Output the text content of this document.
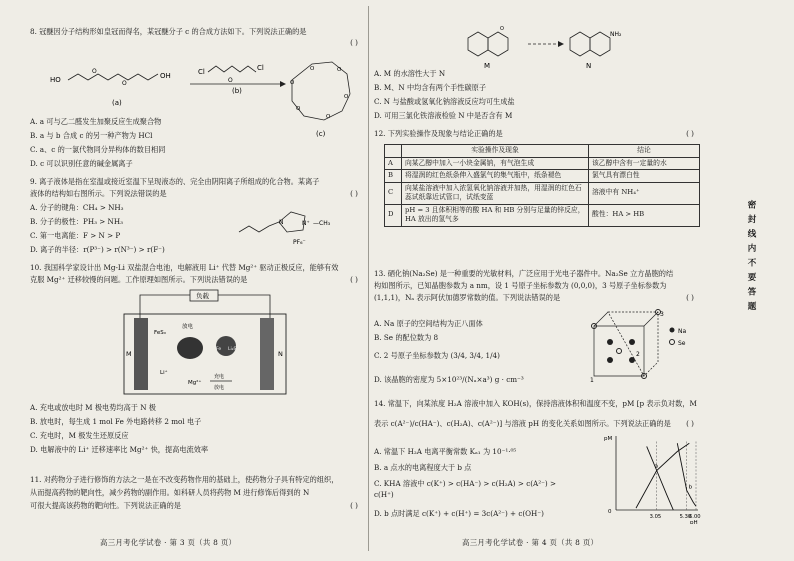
8. 冠醚因分子结构形如皇冠而得名，某冠醚分子 c 的合成方法如下。下列说法正确的是
( )
HO
O
O
OH
(a)
Cl
O
Cl
(b)
O	O
O
O
O
O
(c)
A. a 可与乙二醛发生加聚反应生成聚合物
B. a 与 b 合成 c 的另一种产物为 HCl
C. a、c 的一氯代物同分异构体的数目相同
D. c 可以识别任意的碱金属离子
9. 离子液体是指在室温或接近室温下呈现液态的、完全由阴阳离子所组成的化合物。某离子
液体的结构如右图所示。下列说法错误的是	( )
N	N⁺ —CH₃
PF₆⁻
A. 分子的键角：CH₄ > NH₃
B. 分子的极性：PH₃ > NH₃
C. 第一电离能：F > N > P
D. 离子的半径：r(P³⁻) > r(N³⁻) > r(F⁻)
10. 我国科学家设计出 Mg-Li 双盐混合电池，电解液用 Li⁺ 代替 Mg²⁺ 驱动正极反应，能够有效
克服 Mg²⁺ 迁移较慢的问题。工作原理如图所示。下列说法错误的是	( )
负载
M	N
FeSₓ
放电
Fe Li₂S
Li⁺
Mg²⁺
充电
放电
A. 充电或放电时 M 极电势均高于 N 极
B. 放电时，每生成 1 mol Fe 外电路转移 2 mol 电子
C. 充电时，M 极发生还原反应
D. 电解液中的 Li⁺ 迁移速率比 Mg²⁺ 快，提高电流效率
11. 对药物分子进行修饰的方法之一是在不改变药物作用的基础上，使药物分子具有特定的组织，
从而提高药物的靶向性，减少药物的副作用。如科研人员将药物 M 进行修饰后得到的 N
可很大提高该药物的靶向性。下列说法正确的是	( )
高三月考化学试卷 · 第 3 页（共 8 页）
O
M
NH₂
N
A. M 的水溶性大于 N
B. M、N 中均含有两个手性碳原子
C. N 与盐酸或氢氧化钠溶液反应均可生成盐
D. 可用三氯化铁溶液检验 N 中是否含有 M
12. 下列实验操作及现象与结论正确的是	( )
	实验操作及现象	结论
A	向某乙醇中加入一小块金属钠，有气泡生成	该乙醇中含有一定量的水
B	将湿润的红色纸条伸入盛氯气的集气瓶中，纸条褪色	氯气具有漂白性
C	向某盐溶液中加入浓氢氧化钠溶液并加热，用湿润的红色石蕊试纸靠近试管口，试纸变蓝	溶液中有 NH₄⁺
D	pH = 3 且体积相等的酸 HA 和 HB 分别与足量的锌反应，HA 放出的氢气多	酸性：HA > HB
13. 硒化钠(Na₂Se) 是一种重要的光敏材料，广泛应用于光电子器件中。Na₂Se 立方晶胞的结
构如图所示，已知晶胞参数为 a nm，设 1 号原子坐标参数为 (0,0,0)，3 号原子坐标参数为
(1,1,1)，Nₐ 表示阿伏加德罗常数的值。下列说法错误的是	( )
1
2
3
Na
Se
A. Na 原子的空间结构为正八面体
B. Se 的配位数为 8
C. 2 号原子坐标参数为 (3/4, 3/4, 1/4)
D. 该晶胞的密度为 5×10²³/(Nₐ×a³) g · cm⁻³
14. 常温下，向某浓度 H₂A 溶液中加入 KOH(s)，保持溶液体积和温度不变，pM [p 表示负对数，M
表示 c(A²⁻)/c(HA⁻)、c(H₂A)、c(A²⁻)] 与溶液 pH 的变化关系如图所示。下列说法正确的是 ( )
A. 常温下 H₂A 电离平衡常数 Kₐ₁ 为 10⁻¹·⁰⁵
B. a 点水的电离程度大于 b 点
C. KHA 溶液中 c(K⁺) > c(HA⁻) > c(H₂A) > c(A²⁻) > c(H⁺)
D. b 点时满足 c(K⁺) + c(H⁺) = 3c(A²⁻) + c(OH⁻)
pM
pH
0
3.05	5.30
6.00
a
b
高三月考化学试卷 · 第 4 页（共 8 页）
密封线内不要答题
